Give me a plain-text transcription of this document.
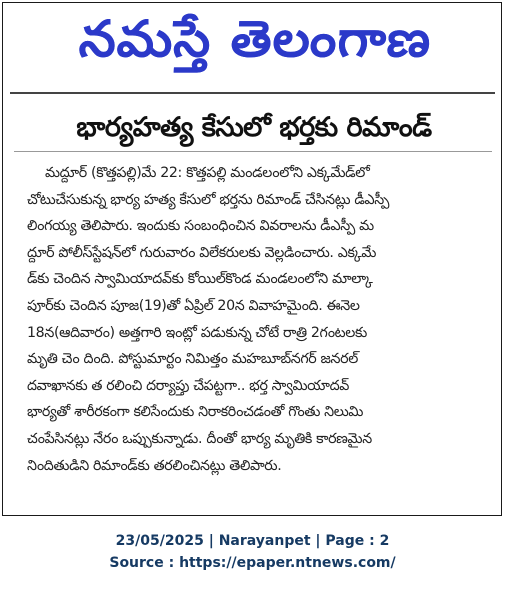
నమస్తే తెలంగాణ
భార్యహత్య కేసులో భర్తకు రిమాండ్
మద్దూర్ (కొత్తపల్లి)మే 22: కొత్తపల్లి మండలంలోని ఎక్కమేడ్‌లో
చోటుచేసుకున్న భార్య హత్య కేసులో భర్తను రిమాండ్ చేసినట్లు డీఎస్పీ
లింగయ్య తెలిపారు. ఇందుకు సంబంధించిన వివరాలను డీఎస్పీ మ
ద్దూర్ పోలీస్‌స్టేషన్‌లో గురువారం విలేకరులకు వెల్లడించారు. ఎక్కమే
డ్‌కు చెందిన స్వామియాదవ్‌కు కోయిల్‌కొండ మండలంలోని మాల్కా
పూర్‌కు చెందిన పూజ(19)తో ఏప్రిల్ 20న వివాహమైంది. ఈనెల
18న(ఆదివారం) అత్తగారి ఇంట్లో పడుకున్న చోటే రాత్రి 2గంటలకు
మృతి చెం దింది. పోస్టుమార్టం నిమిత్తం మహబూబ్‌నగర్ జనరల్
దవాఖానకు త రలించి దర్యాప్తు చేపట్టగా.. భర్త స్వామియాదవ్
భార్యతో శారీరకంగా కలిసేందుకు నిరాకరించడంతో గొంతు నిలుమి
చంపేసినట్లు నేరం ఒప్పుకున్నాడు. దీంతో భార్య మృతికి కారణమైన
నిందితుడిని రిమాండ్‌కు తరలించినట్లు తెలిపారు.
23/05/2025 | Narayanpet | Page : 2
Source : https://epaper.ntnews.com/
